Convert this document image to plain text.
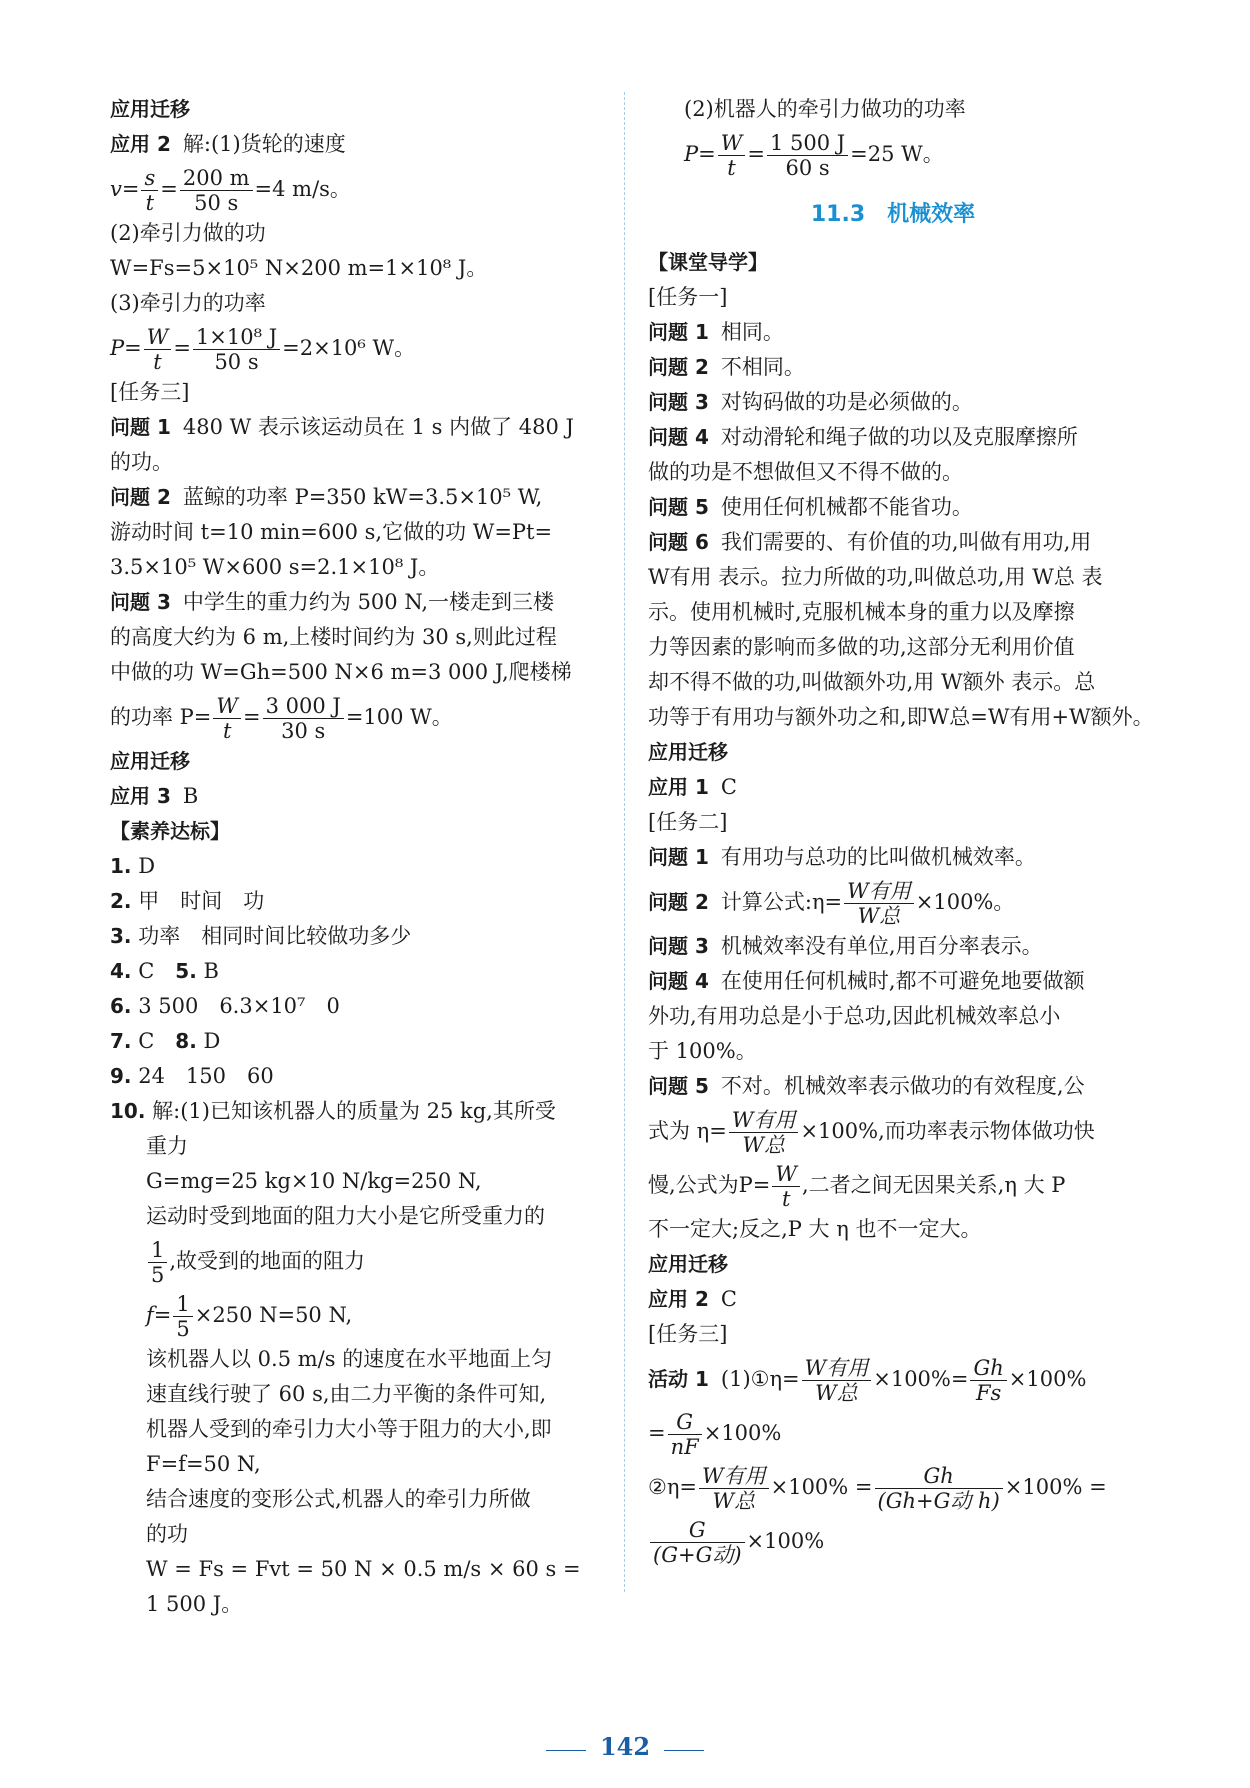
应用迁移
应用 2 解:(1)货轮的速度
$v= \frac{s}{t} = \frac{200 m}{50 s} =4$ m/s。
(2)牵引力做的功
W=Fs=5×10⁵ N×200 m=1×10⁸ J。
(3)牵引力的功率
$P= \frac{W}{t} = \frac{\text{1×10⁸ J}}{50 s} =2\times 10^6$ W。
[任务三]
问题 1 480 W 表示该运动员在 1 s 内做了 480 J
的功。
问题 2 蓝鲸的功率 P=350 kW=3.5×10⁵ W,
游动时间 t=10 min=600 s,它做的功 W=Pt=
3.5×10⁵ W×600 s=2.1×10⁸ J。
问题 3 中学生的重力约为 500 N,一楼走到三楼
的高度大约为 6 m,上楼时间约为 30 s,则此过程
中做的功 W=Gh=500 N×6 m=3 000 J,爬楼梯
的功率 $P= \frac{W}{t} = \frac{3 000 J}{30 s} =100$ W。
应用迁移
应用 3 B
【素养达标】
1. D
2. 甲　时间　功
3. 功率　相同时间比较做功多少
4. C　 5. B
6. 3 500　6.3×10⁷　0
7. C　 8. D
9. 24　150　60
10. 解:(1)已知该机器人的质量为 25 kg,其所受
重力
G=mg=25 kg×10 N/kg=250 N,
运动时受到地面的阻力大小是它所受重力的
$\frac{1}{5}$ ,故受到的地面的阻力
$f= \frac{1}{5} \times 250$ N=50 N,
该机器人以 0.5 m/s 的速度在水平地面上匀
速直线行驶了 60 s,由二力平衡的条件可知,
机器人受到的牵引力大小等于阻力的大小,即
F=f=50 N,
结合速度的变形公式,机器人的牵引力所做
的功
W = Fs = Fvt = 50 N × 0.5 m/s × 60 s =
1 500 J。
(2)机器人的牵引力做功的功率
$P= \frac{W}{t} = \frac{1 500 J}{60 s} =25$ W。
11.3　机械效率
【课堂导学】
[任务一]
问题 1 相同。
问题 2 不相同。
问题 3 对钩码做的功是必须做的。
问题 4 对动滑轮和绳子做的功以及克服摩擦所
做的功是不想做但又不得不做的。
问题 5 使用任何机械都不能省功。
问题 6 我们需要的、有价值的功,叫做有用功,用
W有用 表示。拉力所做的功,叫做总功,用 W总 表
示。使用机械时,克服机械本身的重力以及摩擦
力等因素的影响而多做的功,这部分无利用价值
却不得不做的功,叫做额外功,用 W额外 表示。总
功等于有用功与额外功之和,即W总=W有用+W额外。
应用迁移
应用 1 C
[任务二]
问题 1 有用功与总功的比叫做机械效率。
问题 2 计算公式:η= $\frac{\text{W有用}}{\text{W总}} \times 100\%$。
问题 3 机械效率没有单位,用百分率表示。
问题 4 在使用任何机械时,都不可避免地要做额
外功,有用功总是小于总功,因此机械效率总小
于 100%。
问题 5 不对。机械效率表示做功的有效程度,公
式为 $\eta= \frac{\text{W有用}}{\text{W总}} \times 100\%$,而功率表示物体做功快
慢,公式为$P= \frac{W}{t}$ ,二者之间无因果关系,η 大 P
不一定大;反之,P 大 η 也不一定大。
应用迁移
应用 2 C
[任务三]
活动 1 (1)①η= $\frac{\text{W有用}}{\text{W总}} \times 100\%= \frac{Gh}{Fs} \times 100\%$
= $\frac{G}{nF} \times 100\%$
②η= $\frac{\text{W有用}}{\text{W总}} \times 100\% = \frac{Gh}{\text{(Gh+G动 h)}} \times 100\%$ =
$\frac{G}{\text{(G+G动)}} \times 100\%$
142
